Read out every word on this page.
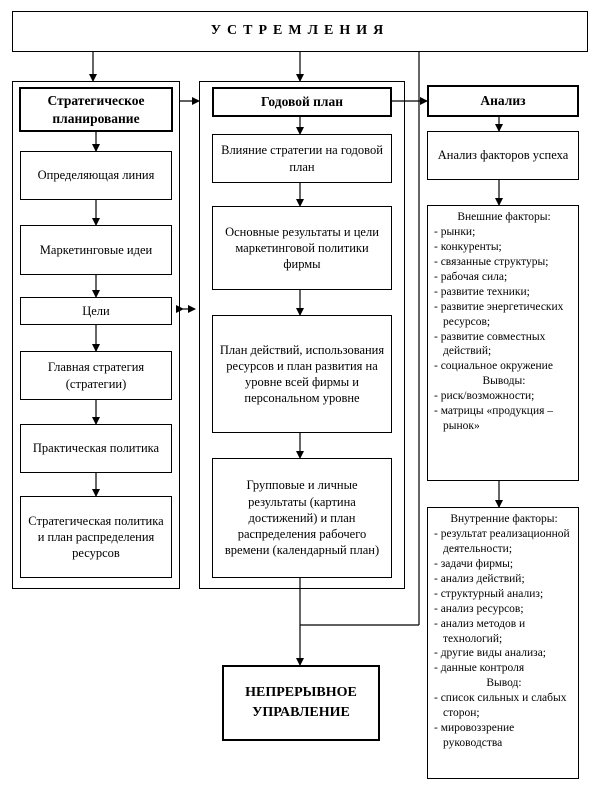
УСТРЕМЛЕНИЯ
Стратегическое планирование
Определяющая линия
Маркетинговые идеи
Цели
Главная стратегия (стратегии)
Практическая политика
Стратегическая политика и план распределения ресурсов
Годовой план
Влияние стратегии на годовой план
Основные результаты и цели маркетинговой политики фирмы
План действий, использования ресурсов и план развития на уровне всей фирмы и персональном уровне
Групповые и личные результаты (картина достижений) и план распределения рабочего времени (календарный план)
Анализ
Анализ факторов успеха
Внешние факторы:
- рынки;
- конкуренты;
- связанные структуры;
- рабочая сила;
- развитие техники;
- развитие энергетических ресурсов;
- развитие совместных действий;
- социальное окружение
Выводы:
- риск/возможности;
- матрицы «продукция – рынок»
Внутренние факторы:
- результат реализационной деятельности;
- задачи фирмы;
- анализ действий;
- структурный анализ;
- анализ ресурсов;
- анализ методов и технологий;
- другие виды анализа;
- данные контроля
Вывод:
- список сильных и слабых сторон;
- мировоззрение руководства
НЕПРЕРЫВНОЕ УПРАВЛЕНИЕ
